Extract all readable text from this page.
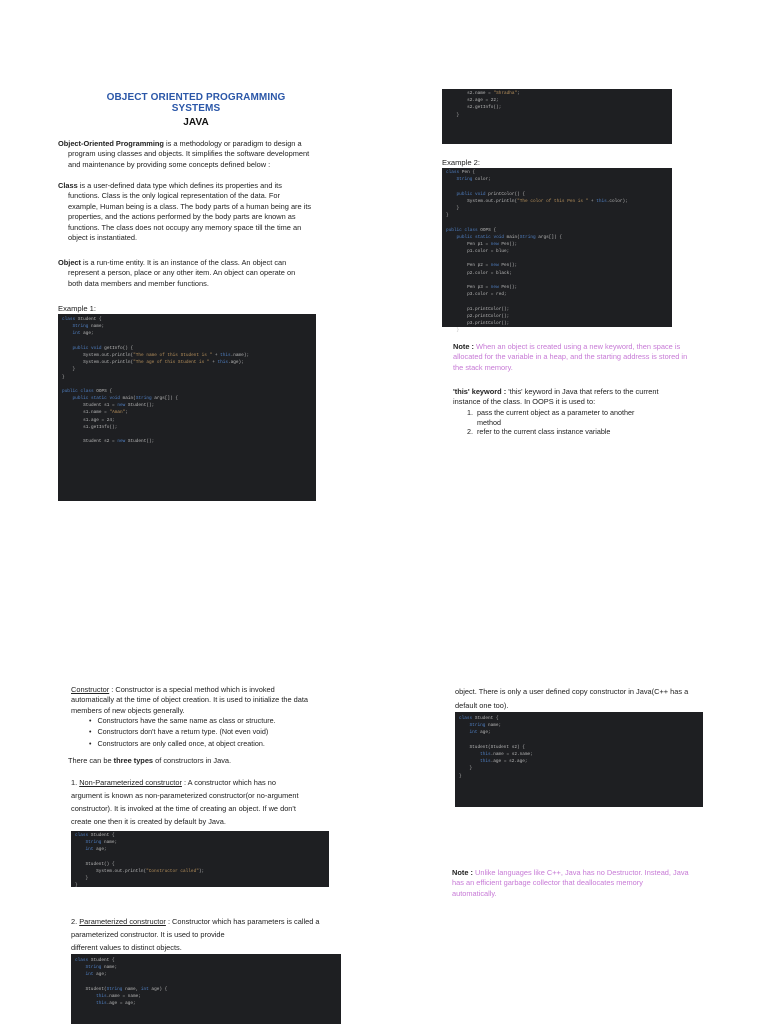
OBJECT ORIENTED PROGRAMMING SYSTEMS
JAVA
Object-Oriented Programming is a methodology or paradigm to design a
program using classes and objects. It simplifies the software development
and maintenance by providing some concepts defined below :
Class is a user-defined data type which defines its properties and its
functions. Class is the only logical representation of the data. For
example, Human being is a class. The body parts of a human being are its
properties, and the actions performed by the body parts are known as
functions. The class does not occupy any memory space till the time an
object is instantiated.
Object is a run-time entity. It is an instance of the class. An object can
represent a person, place or any other item. An object can operate on
both data members and member functions.
Example 1:
class Student {
String name;
int age;
public void getInfo() {
System.out.println("The name of this Student is " + this.name);
System.out.println("The age of this Student is " + this.age);
}
}
public class OOPS {
public static void main(String args[]) {
Student s1 = new Student();
s1.name = "Aman";
s1.age = 24;
s1.getInfo();
Student s2 = new Student();
s2.name = "Shradha";
s2.age = 22;
s2.getInfo();
}
Example 2:
class Pen {
String color;
public void printColor() {
System.out.println("The color of this Pen is " + this.color);
}
}
public class OOPS {
public static void main(String args[]) {
Pen p1 = new Pen();
p1.color = blue;
Pen p2 = new Pen();
p2.color = black;
Pen p3 = new Pen();
p3.color = red;
p1.printColor();
p2.printColor();
p3.printColor();
}
Note : When an object is created using a new keyword, then space is
allocated for the variable in a heap, and the starting address is stored in
the stack memory.
'this' keyword : 'this' keyword in Java that refers to the current
instance of the class. In OOPS it is used to:
1. pass the current object as a parameter to another
method
2. refer to the current class instance variable
Constructor : Constructor is a special method which is invoked
automatically at the time of object creation. It is used to initialize the data
members of new objects generally.
• Constructors have the same name as class or structure.
• Constructors don't have a return type. (Not even void)
• Constructors are only called once, at object creation.
There can be three types of constructors in Java.
1. Non-Parameterized constructor : A constructor which has no
argument is known as non-parameterized constructor(or no-argument
constructor). It is invoked at the time of creating an object. If we don't
create one then it is created by default by Java.
class Student {
String name;
int age;
Student() {
System.out.println("Constructor called");
}
}
2. Parameterized constructor : Constructor which has parameters is called a
parameterized constructor. It is used to provide
different values to distinct objects.
class Student {
String name;
int age;
Student(String name, int age) {
this.name = name;
this.age = age;
object. There is only a user defined copy constructor in Java(C++ has a
default one too).
class Student {
String name;
int age;
Student(Student s2) {
this.name = s2.name;
this.age = s2.age;
}
}
Note : Unlike languages like C++, Java has no Destructor. Instead, Java
has an efficient garbage collector that deallocates memory
automatically.
